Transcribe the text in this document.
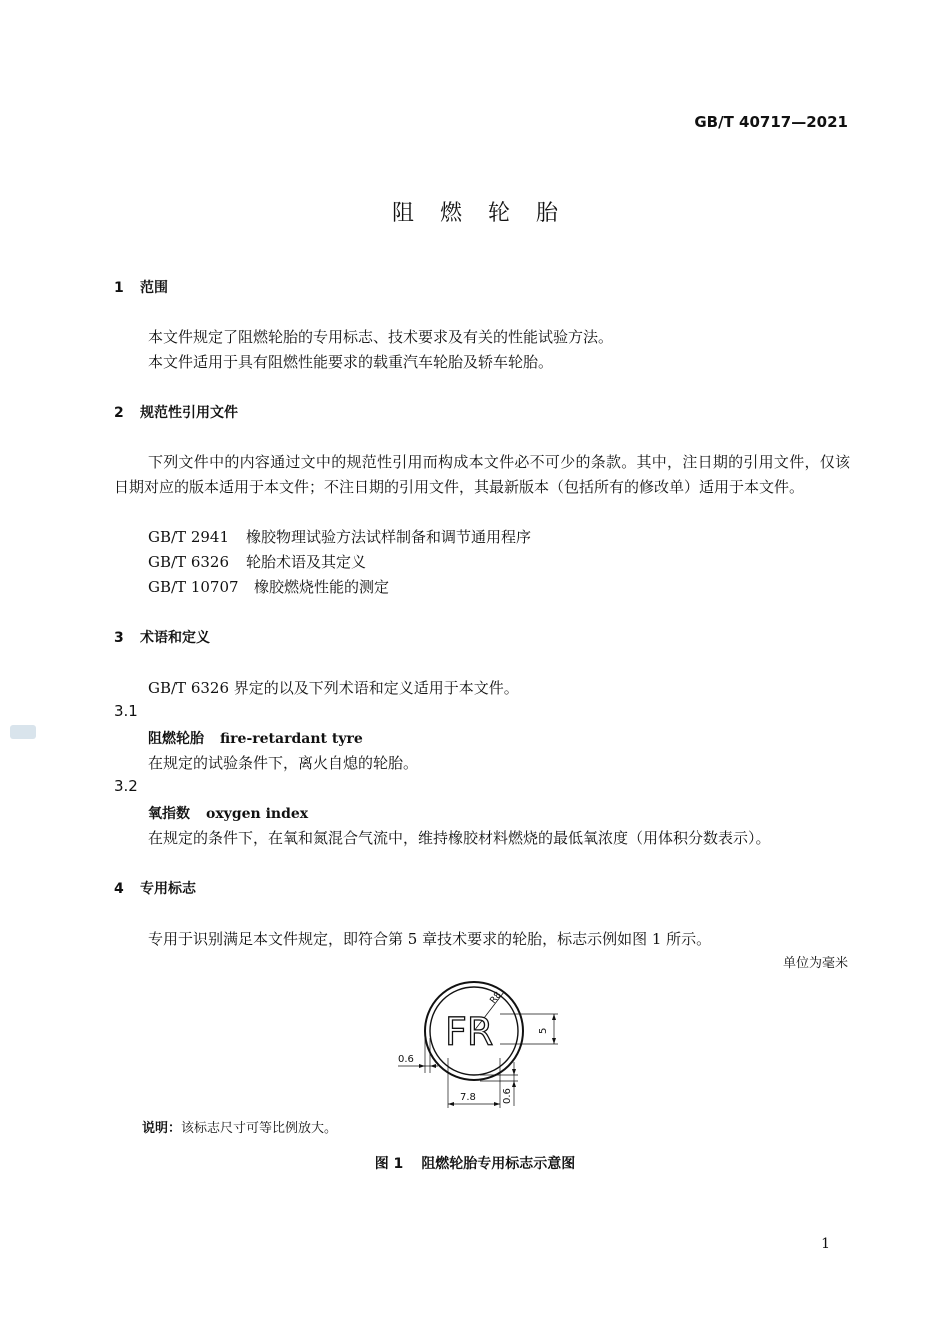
GB/T 40717—2021
阻燃轮胎
1 范围
本文件规定了阻燃轮胎的专用标志、技术要求及有关的性能试验方法。
本文件适用于具有阻燃性能要求的载重汽车轮胎及轿车轮胎。
2 规范性引用文件
下列文件中的内容通过文中的规范性引用而构成本文件必不可少的条款。其中，注日期的引用文件，仅该日期对应的版本适用于本文件；不注日期的引用文件，其最新版本（包括所有的修改单）适用于本文件。
GB/T 2941 橡胶物理试验方法试样制备和调节通用程序
GB/T 6326 轮胎术语及其定义
GB/T 10707 橡胶燃烧性能的测定
3 术语和定义
GB/T 6326 界定的以及下列术语和定义适用于本文件。
3.1
阻燃轮胎 fire-retardant tyre
在规定的试验条件下，离火自熄的轮胎。
3.2
氧指数 oxygen index
在规定的条件下，在氧和氮混合气流中，维持橡胶材料燃烧的最低氧浓度（用体积分数表示）。
4 专用标志
专用于识别满足本文件规定，即符合第 5 章技术要求的轮胎，标志示例如图 1 所示。
单位为毫米
FR
R8
5
0.6
7.8	0.6
说明：该标志尺寸可等比例放大。
图 1 阻燃轮胎专用标志示意图
1
